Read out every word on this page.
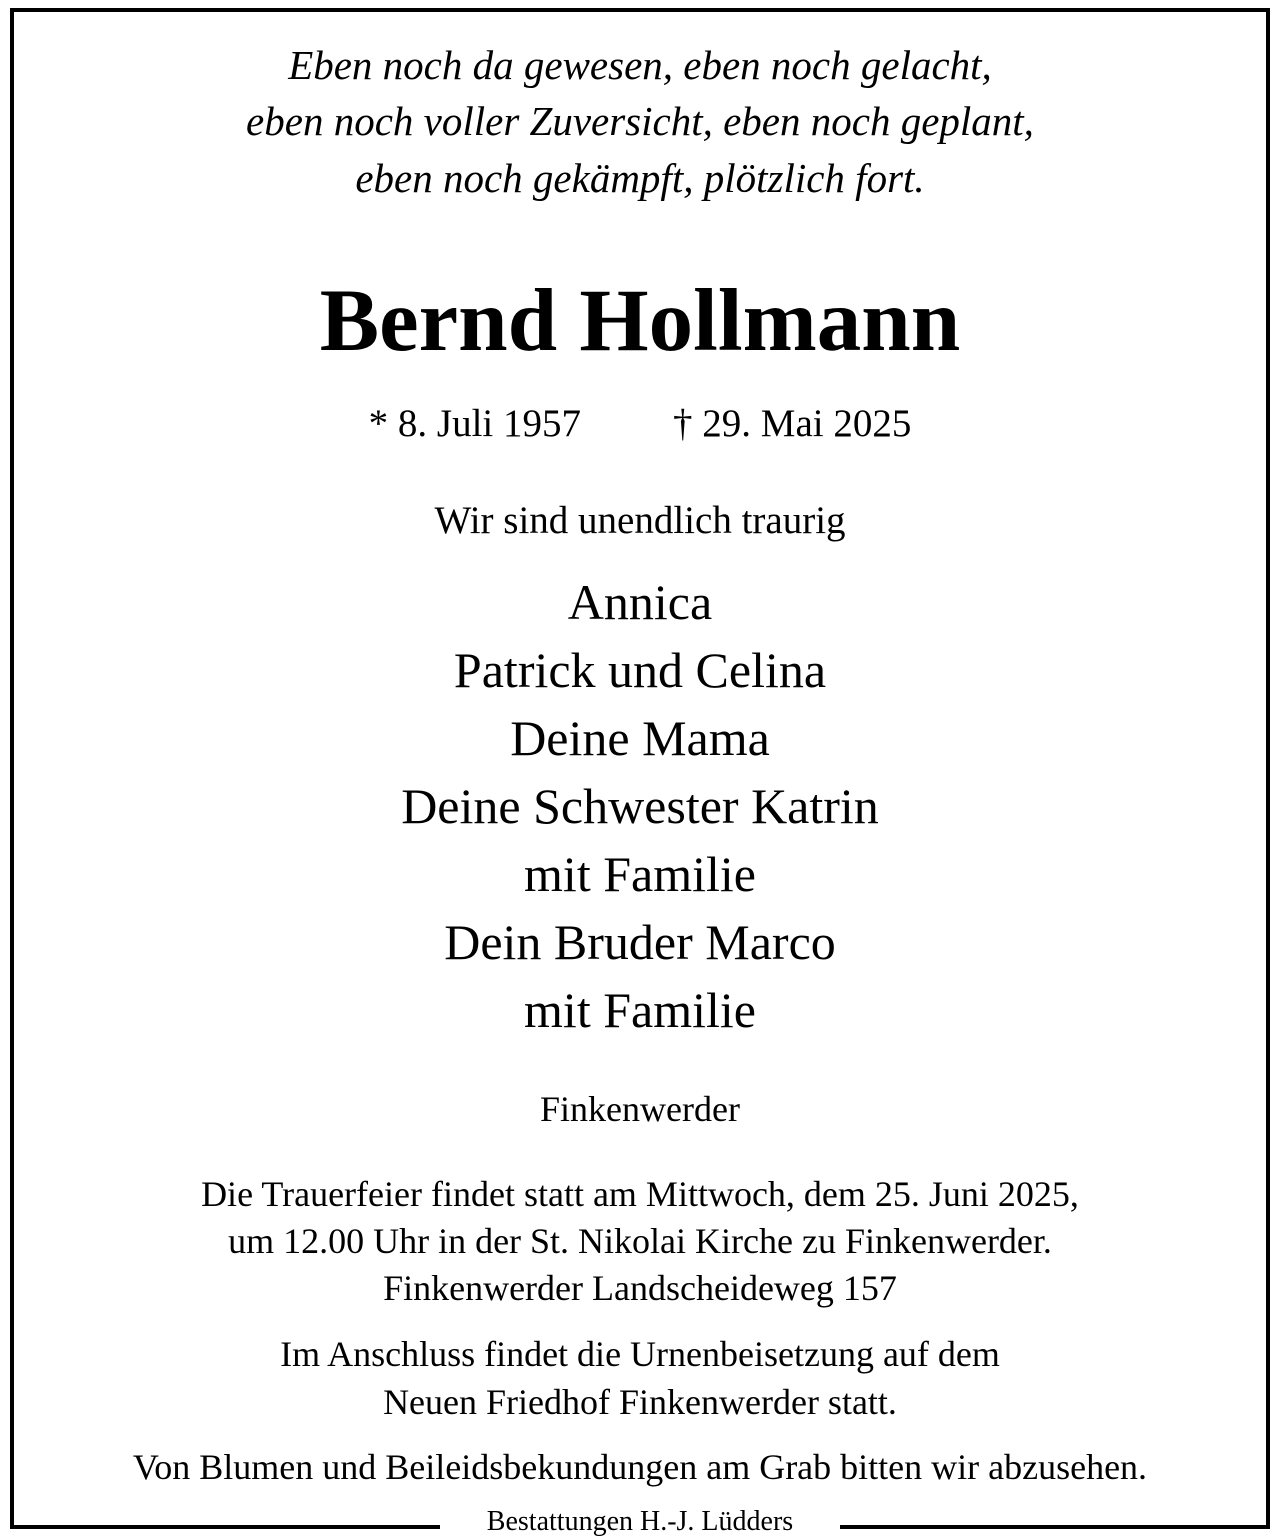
Eben noch da gewesen, eben noch gelacht,

eben noch voller Zuversicht, eben noch geplant,

eben noch gekämpft, plötzlich fort.

Bernd Hollmann
* 8. Juli 1957 † 29. Mai 2025

Wir sind unendlich traurig

Annica

Patrick und Celina

Deine Mama

Deine Schwester Katrin

mit Familie

Dein Bruder Marco

mit Familie

Finkenwerder

Die Trauerfeier findet statt am Mittwoch, dem 25. Juni 2025,

um 12.00 Uhr in der St. Nikolai Kirche zu Finkenwerder.

Finkenwerder Landscheideweg 157

Im Anschluss findet die Urnenbeisetzung auf dem

Neuen Friedhof Finkenwerder statt.

Von Blumen und Beileidsbekundungen am Grab bitten wir abzusehen.

Bestattungen H.-J. Lüdders
